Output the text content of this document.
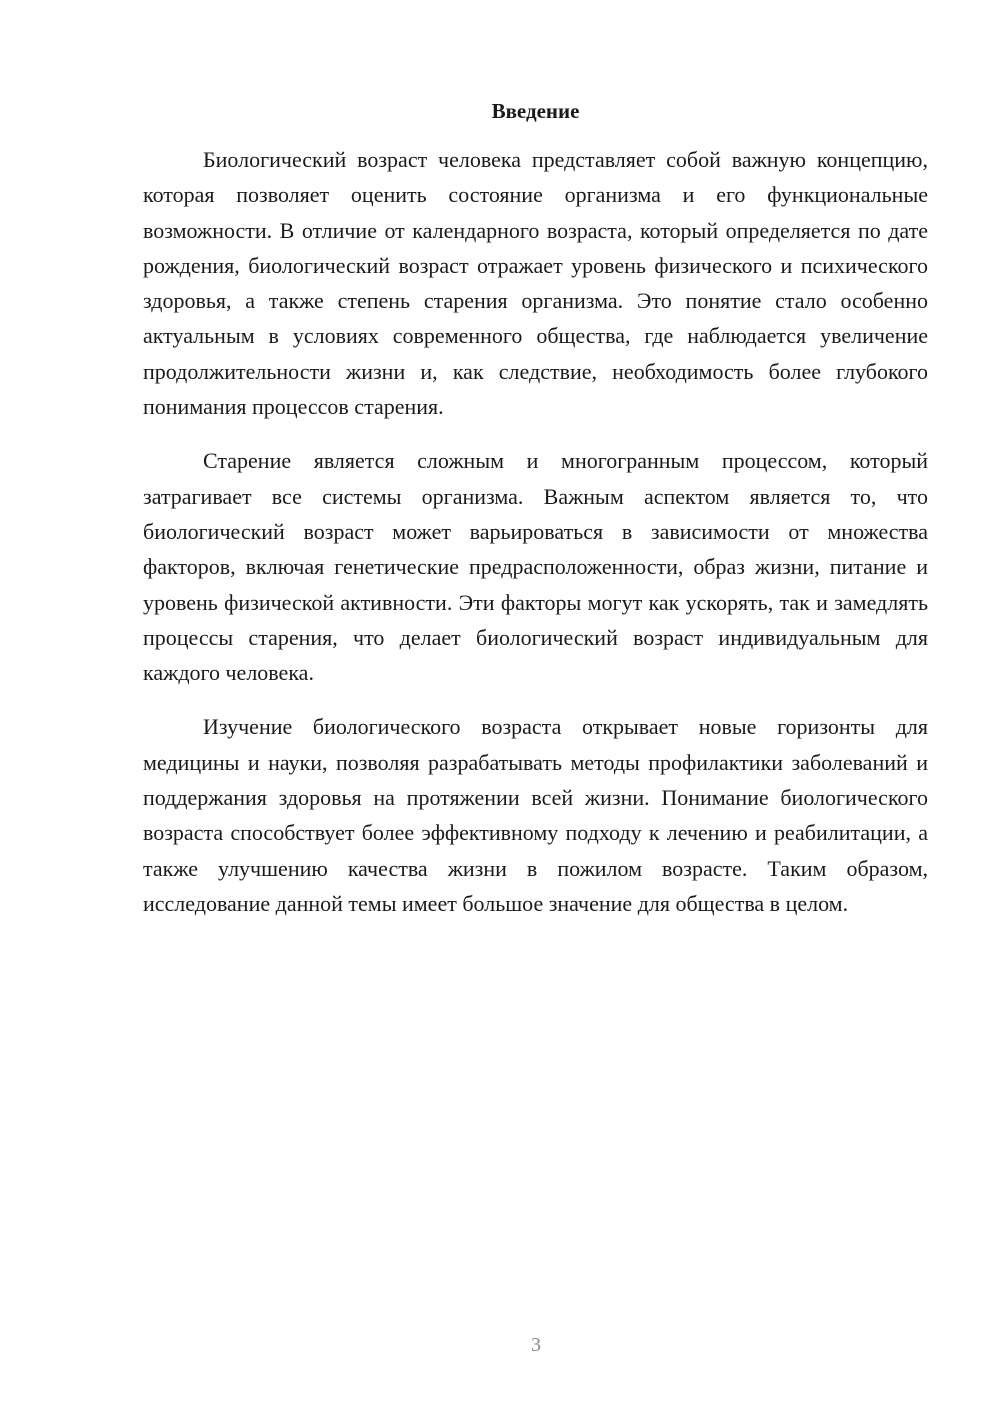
Введение

Биологический возраст человека представляет собой важную концепцию, которая позволяет оценить состояние организма и его функциональные возможности. В отличие от календарного возраста, который определяется по дате рождения, биологический возраст отражает уровень физического и психического здоровья, а также степень старения организма. Это понятие стало особенно актуальным в условиях современного общества, где наблюдается увеличение продолжительности жизни и, как следствие, необходимость более глубокого понимания процессов старения.

Старение является сложным и многогранным процессом, который затрагивает все системы организма. Важным аспектом является то, что биологический возраст может варьироваться в зависимости от множества факторов, включая генетические предрасположенности, образ жизни, питание и уровень физической активности. Эти факторы могут как ускорять, так и замедлять процессы старения, что делает биологический возраст индивидуальным для каждого человека.

Изучение биологического возраста открывает новые горизонты для медицины и науки, позволяя разрабатывать методы профилактики заболеваний и поддержания здоровья на протяжении всей жизни. Понимание биологического возраста способствует более эффективному подходу к лечению и реабилитации, а также улучшению качества жизни в пожилом возрасте. Таким образом, исследование данной темы имеет большое значение для общества в целом.

3
